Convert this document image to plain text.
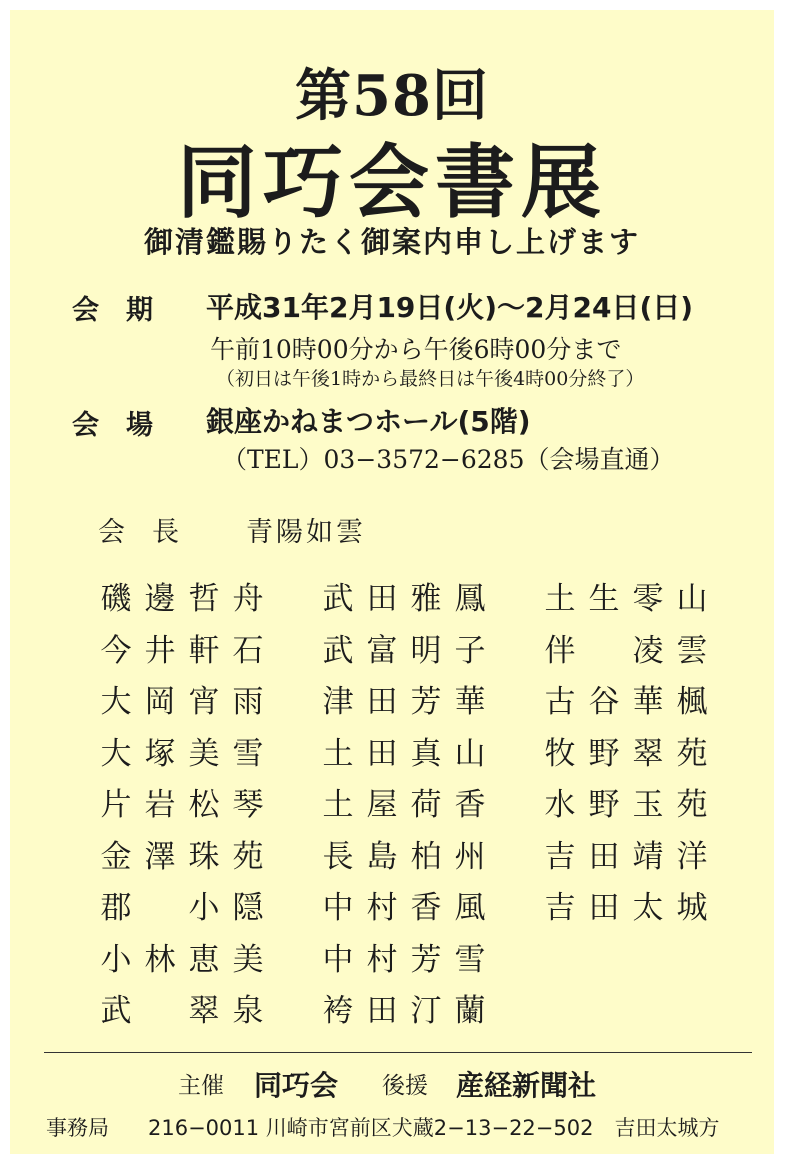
第58回
同巧会書展
御清鑑賜りたく御案内申し上げます
会　期 平成31年2月19日(火)〜2月24日(日)
午前10時00分から午後6時00分まで
（初日は午後1時から最終日は午後4時00分終了）
会　場 銀座かねまつホール(5階)
（TEL）03−3572−6285（会場直通）
会　長 青陽如雲
磯 邊 哲 舟 武 田 雅 鳳 土 生 零 山
今 井 軒 石 武 富 明 子 伴 凌 雲
大 岡 宵 雨 津 田 芳 華 古 谷 華 楓
大 塚 美 雪 土 田 真 山 牧 野 翠 苑
片 岩 松 琴 土 屋 荷 香 水 野 玉 苑
金 澤 珠 苑 長 島 柏 州 吉 田 靖 洋
郡 小 隠 中 村 香 風 吉 田 太 城
小 林 恵 美 中 村 芳 雪
武 翠 泉 袴 田 汀 蘭
主催 同巧会 後援 産経新聞社
事務局 216−0011 川崎市宮前区犬蔵2−13−22−502　吉田太城方
